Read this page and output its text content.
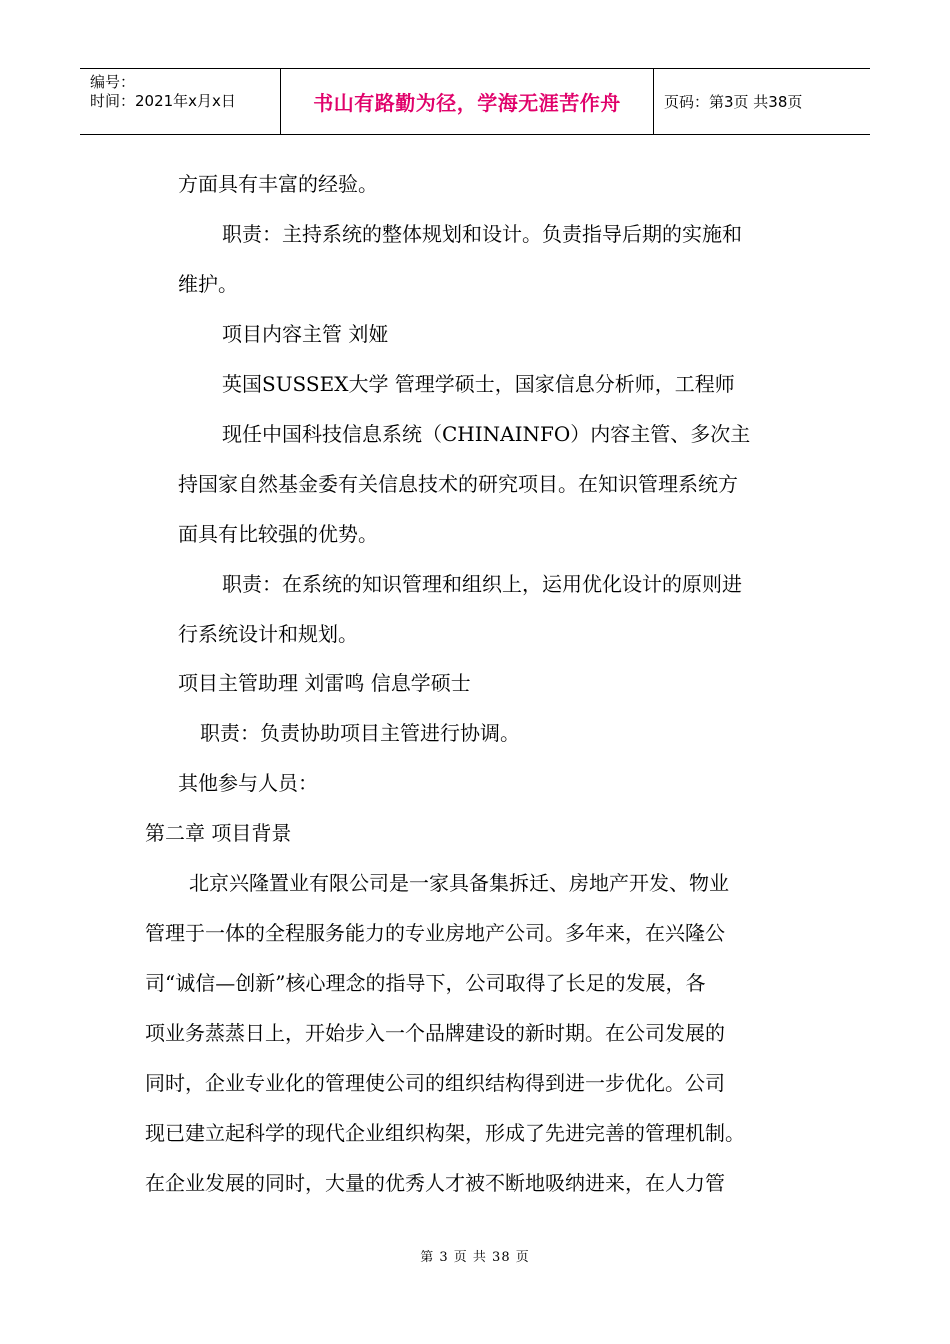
编号：
时间：2021年x月x日	书山有路勤为径，学海无涯苦作舟	页码：第3页 共38页
方面具有丰富的经验。
职责：主持系统的整体规划和设计。负责指导后期的实施和
维护。
项目内容主管 刘娅
英国SUSSEX大学 管理学硕士，国家信息分析师，工程师
现任中国科技信息系统（CHINAINFO）内容主管、多次主
持国家自然基金委有关信息技术的研究项目。在知识管理系统方
面具有比较强的优势。
职责：在系统的知识管理和组织上，运用优化设计的原则进
行系统设计和规划。
项目主管助理 刘雷鸣 信息学硕士
职责：负责协助项目主管进行协调。
其他参与人员：
第二章 项目背景
北京兴隆置业有限公司是一家具备集拆迁、房地产开发、物业
管理于一体的全程服务能力的专业房地产公司。多年来，在兴隆公
司“诚信—创新”核心理念的指导下，公司取得了长足的发展，各
项业务蒸蒸日上，开始步入一个品牌建设的新时期。在公司发展的
同时，企业专业化的管理使公司的组织结构得到进一步优化。公司
现已建立起科学的现代企业组织构架，形成了先进完善的管理机制。
在企业发展的同时，大量的优秀人才被不断地吸纳进来，在人力管
第 3 页 共 38 页
